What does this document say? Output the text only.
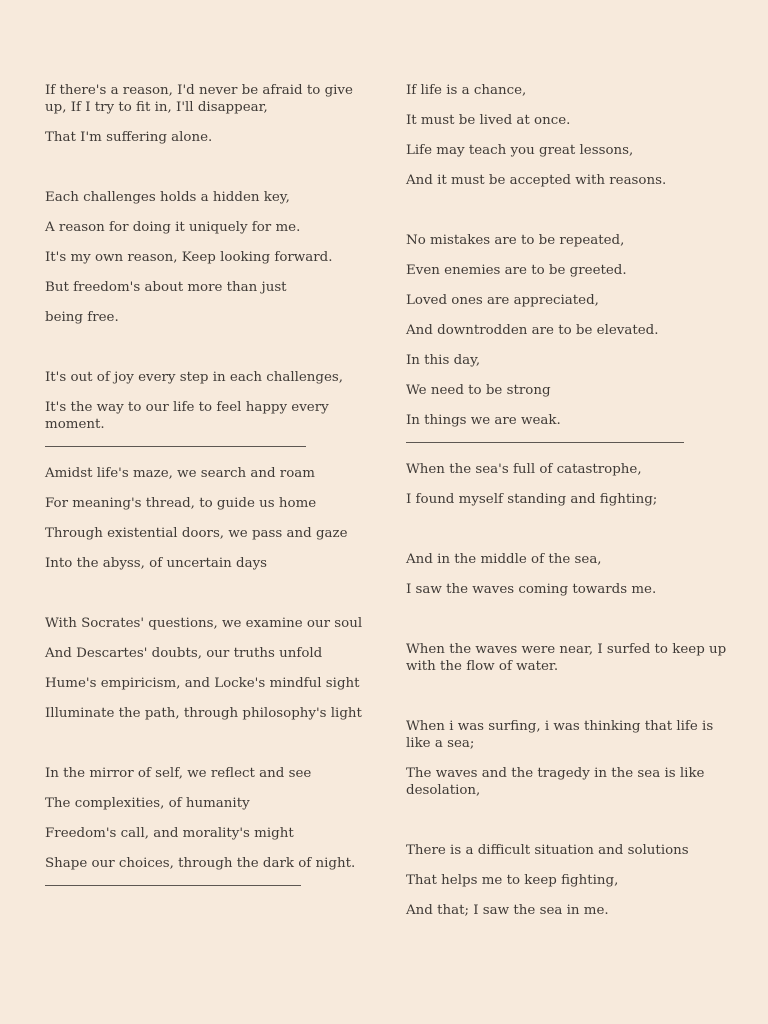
If there's a reason, I'd never be afraid to give up, If I try to fit in, I'll disappear,

That I'm suffering alone.

Each challenges holds a hidden key,

A reason for doing it uniquely for me.

It's my own reason, Keep looking forward.

But freedom's about more than just

being free.

It's out of joy every step in each challenges,

It's the way to our life to feel happy every moment.

Amidst life's maze, we search and roam

For meaning's thread, to guide us home

Through existential doors, we pass and gaze

Into the abyss, of uncertain days

With Socrates' questions, we examine our soul

And Descartes' doubts, our truths unfold

Hume's empiricism, and Locke's mindful sight

Illuminate the path, through philosophy's light

In the mirror of self, we reflect and see

The complexities, of humanity

Freedom's call, and morality's might

Shape our choices, through the dark of night.

If life is a chance,

It must be lived at once.

Life may teach you great lessons,

And it must be accepted with reasons.

No mistakes are to be repeated,

Even enemies are to be greeted.

Loved ones are appreciated,

And downtrodden are to be elevated.

In this day,

We need to be strong

In things we are weak.

When the sea's full of catastrophe,

I found myself standing and fighting;

And in the middle of the sea,

I saw the waves coming towards me.

When the waves were near, I surfed to keep up with the flow of water.

When i was surfing, i was thinking that life is like a sea;

The waves and the tragedy in the sea is like desolation,

There is a difficult situation and solutions

That helps me to keep fighting,

And that; I saw the sea in me.
